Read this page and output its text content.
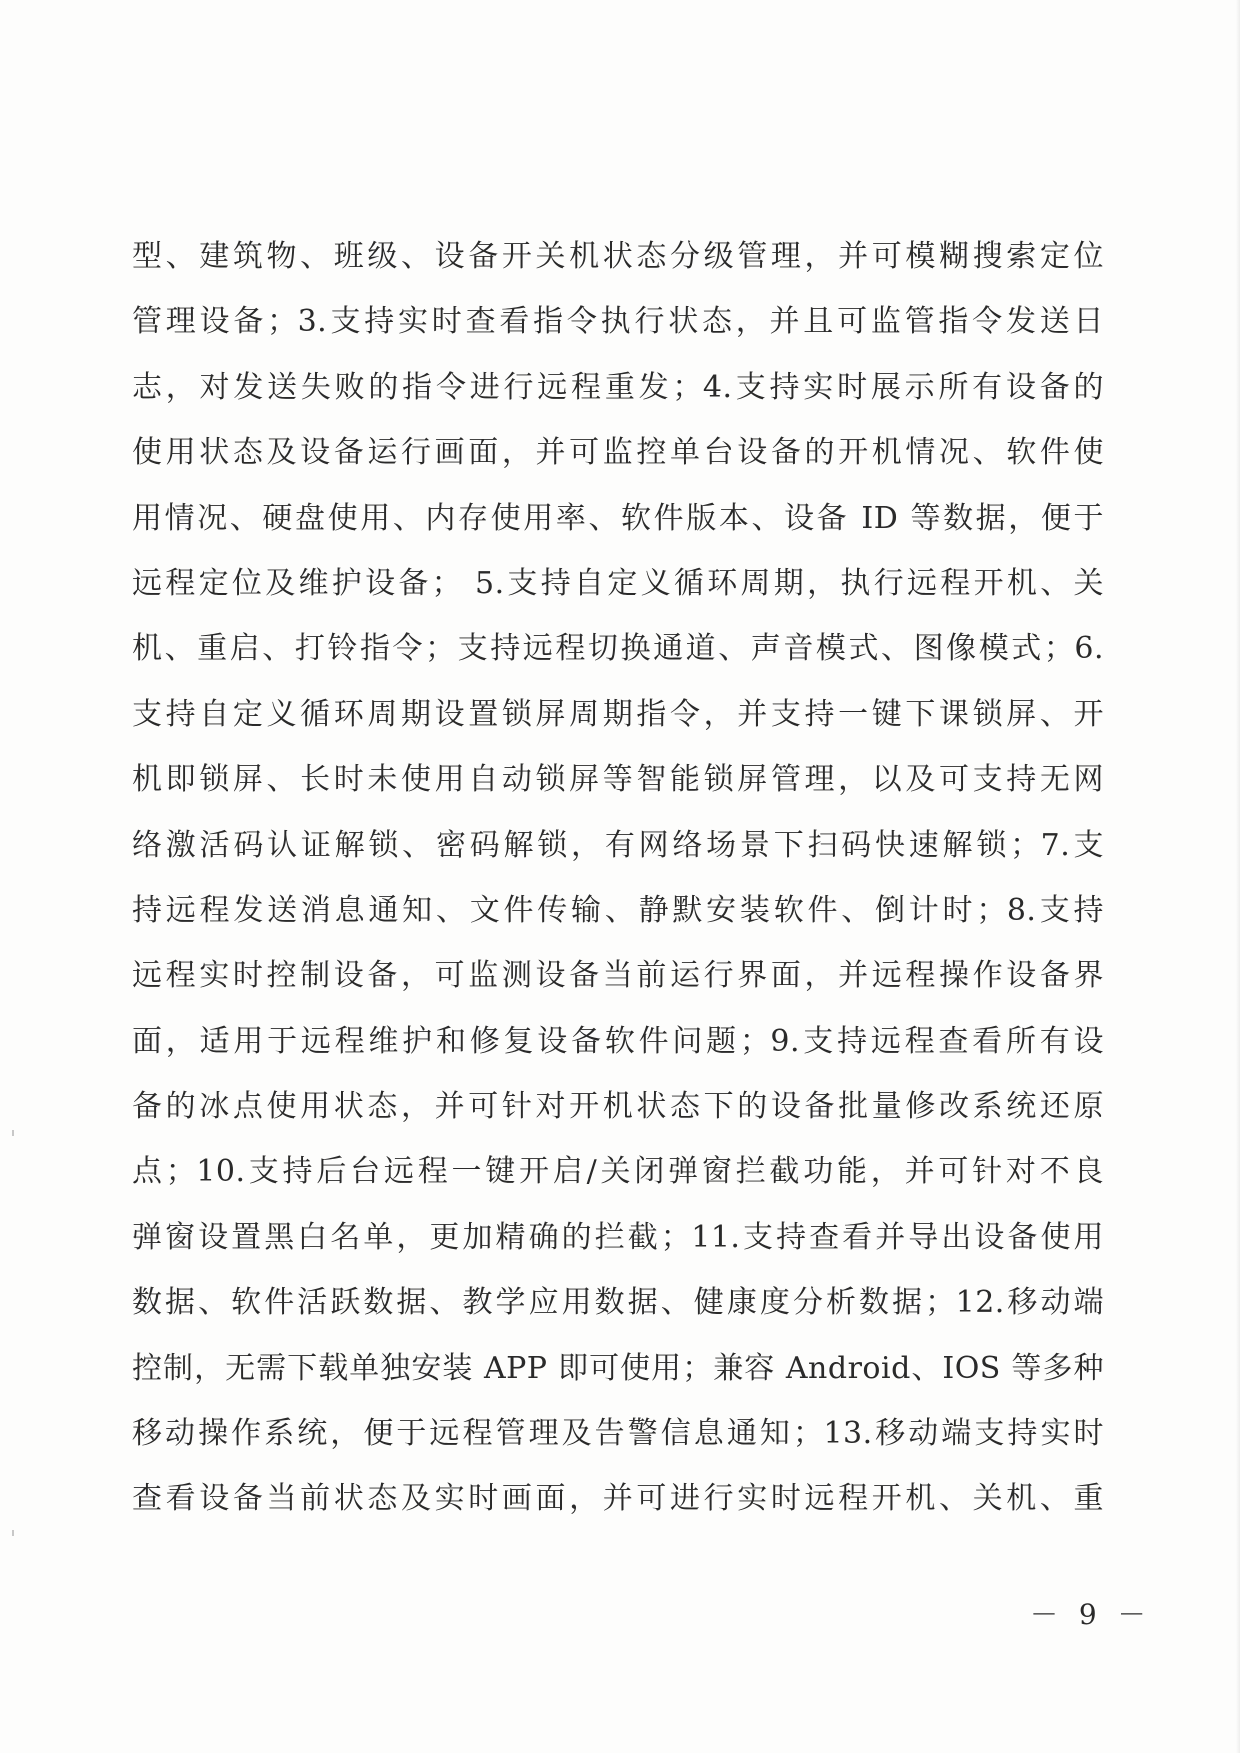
型、建筑物、班级、设备开关机状态分级管理，并可模糊搜索定位
管理设备；3.支持实时查看指令执行状态，并且可监管指令发送日
志，对发送失败的指令进行远程重发；4.支持实时展示所有设备的
使用状态及设备运行画面，并可监控单台设备的开机情况、软件使
用情况、硬盘使用、内存使用率、软件版本、设备 ID 等数据，便于
远程定位及维护设备； 5.支持自定义循环周期，执行远程开机、关
机、重启、打铃指令；支持远程切换通道、声音模式、图像模式；6.
支持自定义循环周期设置锁屏周期指令，并支持一键下课锁屏、开
机即锁屏、长时未使用自动锁屏等智能锁屏管理，以及可支持无网
络激活码认证解锁、密码解锁，有网络场景下扫码快速解锁；7.支
持远程发送消息通知、文件传输、静默安装软件、倒计时；8.支持
远程实时控制设备，可监测设备当前运行界面，并远程操作设备界
面，适用于远程维护和修复设备软件问题；9.支持远程查看所有设
备的冰点使用状态，并可针对开机状态下的设备批量修改系统还原
点；10.支持后台远程一键开启/关闭弹窗拦截功能，并可针对不良
弹窗设置黑白名单，更加精确的拦截；11.支持查看并导出设备使用
数据、软件活跃数据、教学应用数据、健康度分析数据；12.移动端
控制，无需下载单独安装 APP 即可使用；兼容 Android、IOS 等多种
移动操作系统，便于远程管理及告警信息通知；13.移动端支持实时
查看设备当前状态及实时画面，并可进行实时远程开机、关机、重
－ 9 －
